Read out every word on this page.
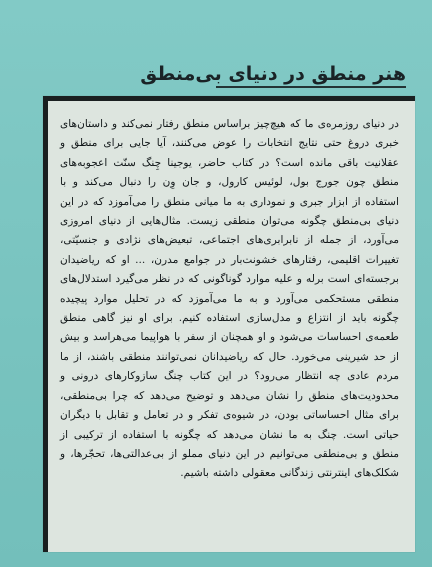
هنر منطق در دنیای بی‌منطق

در دنیای روزمره‌ی ما که هیچ‌چیز براساس منطق رفتار نمی‌کند و داستان‌های خبری دروغ حتی نتایج انتخابات را عوض می‌کنند، آیا جایی برای منطق و عقلانیت باقی مانده است؟ در کتاب حاضر، یوجینا چِنگ سنّت اعجوبه‌های منطق چون جورج بول، لوئیس کارول، و جان وِن را دنبال می‌کند و با استفاده از ابزار جبری و نموداری به ما میانی منطق را می‌آموزد که در این دنیای بی‌منطق چگونه می‌توان منطقی زیست. مثال‌هایی از دنیای امروزی می‌آورد، از جمله از نابرابری‌های اجتماعی، تبعیض‌های نژادی و جنسیّتی، تغییرات اقلیمی، رفتارهای خشونت‌بار در جوامع مدرن، ... او که ریاضیدان برجسته‌ای است برله و علیه موارد گوناگونی که در نظر می‌گیرد استدلال‌های منطقی مستحکمی می‌آورد و به ما می‌آموزد که در تحلیل موارد پیچیده چگونه باید از انتزاع و مدل‌سازی استفاده کنیم. برای او نیز گاهی منطق طعمه‌ی احساسات می‌شود و او همچنان از سفر با هواپیما می‌هراسد و بیش از حد شیرینی می‌خورد. حال که ریاضیدانان نمی‌توانند منطقی باشند، از ما مردم عادی چه انتظار می‌رود؟ در این کتاب چنگ سازوکارهای درونی و محدودیت‌های منطق را نشان می‌دهد و توضیح می‌دهد که چرا بی‌منطقی، برای مثال احساساتی بودن، در شیوه‌ی تفکر و در تعامل و تقابل با دیگران حیاتی است. چنگ به ما نشان می‌دهد که چگونه با استفاده از ترکیبی از منطق و بی‌منطقی می‌توانیم در این دنیای مملو از بی‌عدالتی‌ها، تحجّرها، و شکلک‌های اینترنتی زندگانی معقولی داشته باشیم.
